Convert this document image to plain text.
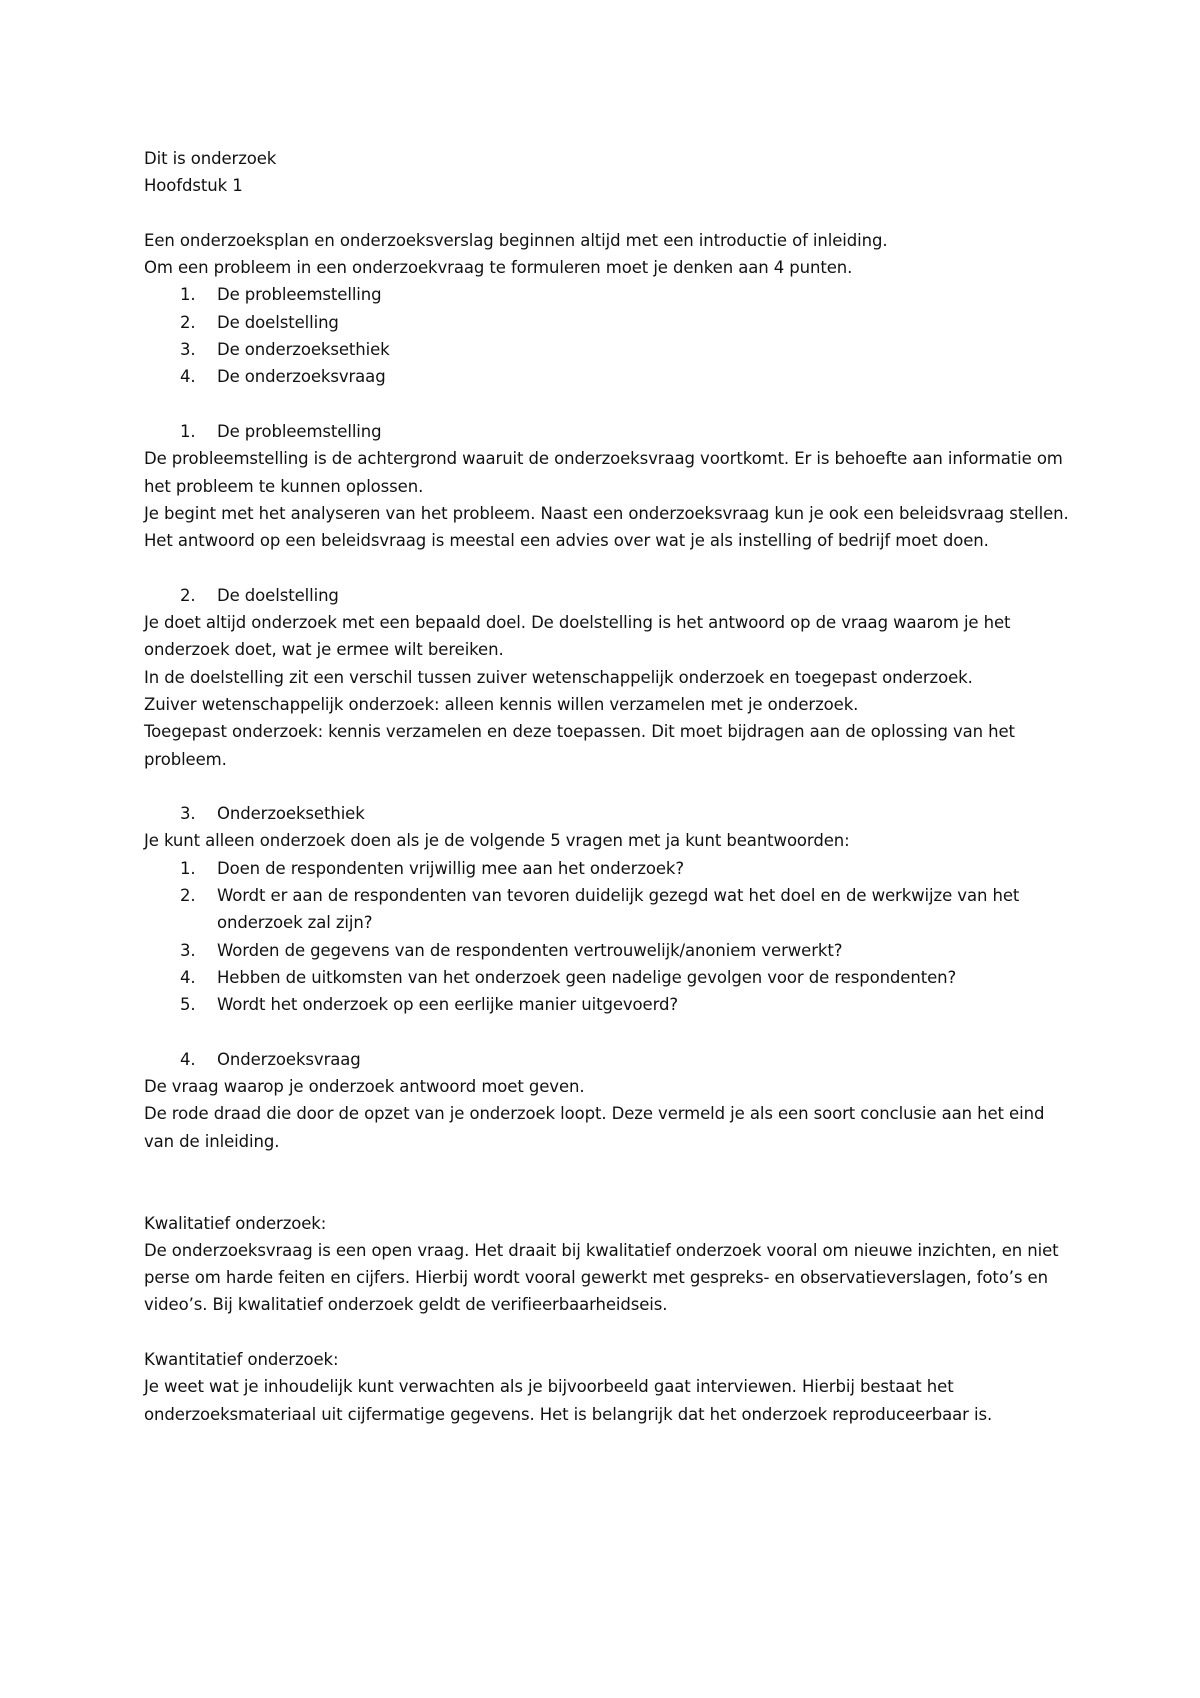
Dit is onderzoek

Hoofdstuk 1

Een onderzoeksplan en onderzoeksverslag beginnen altijd met een introductie of inleiding.

Om een probleem in een onderzoekvraag te formuleren moet je denken aan 4 punten.

1.	De probleemstelling
2.	De doelstelling
3.	De onderzoeksethiek
4.	De onderzoeksvraag
1.	De probleemstelling

De probleemstelling is de achtergrond waaruit de onderzoeksvraag voortkomt. Er is behoefte aan informatie om het probleem te kunnen oplossen.

Je begint met het analyseren van het probleem. Naast een onderzoeksvraag kun je ook een beleidsvraag stellen. Het antwoord op een beleidsvraag is meestal een advies over wat je als instelling of bedrijf moet doen.

2.	De doelstelling

Je doet altijd onderzoek met een bepaald doel. De doelstelling is het antwoord op de vraag waarom je het onderzoek doet, wat je ermee wilt bereiken.

In de doelstelling zit een verschil tussen zuiver wetenschappelijk onderzoek en toegepast onderzoek.

Zuiver wetenschappelijk onderzoek: alleen kennis willen verzamelen met je onderzoek.

Toegepast onderzoek: kennis verzamelen en deze toepassen. Dit moet bijdragen aan de oplossing van het probleem.

3.	Onderzoeksethiek

Je kunt alleen onderzoek doen als je de volgende 5 vragen met ja kunt beantwoorden:

1.	Doen de respondenten vrijwillig mee aan het onderzoek?
2.	Wordt er aan de respondenten van tevoren duidelijk gezegd wat het doel en de werkwijze van het onderzoek zal zijn?
3.	Worden de gegevens van de respondenten vertrouwelijk/anoniem verwerkt?
4.	Hebben de uitkomsten van het onderzoek geen nadelige gevolgen voor de respondenten?
5.	Wordt het onderzoek op een eerlijke manier uitgevoerd?
4.	Onderzoeksvraag

De vraag waarop je onderzoek antwoord moet geven.

De rode draad die door de opzet van je onderzoek loopt. Deze vermeld je als een soort conclusie aan het eind van de inleiding.

Kwalitatief onderzoek:

De onderzoeksvraag is een open vraag. Het draait bij kwalitatief onderzoek vooral om nieuwe inzichten, en niet perse om harde feiten en cijfers. Hierbij wordt vooral gewerkt met gespreks- en observatieverslagen, foto’s en video’s. Bij kwalitatief onderzoek geldt de verifieerbaarheidseis.

Kwantitatief onderzoek:

Je weet wat je inhoudelijk kunt verwachten als je bijvoorbeeld gaat interviewen. Hierbij bestaat het onderzoeksmateriaal uit cijfermatige gegevens. Het is belangrijk dat het onderzoek reproduceerbaar is.
